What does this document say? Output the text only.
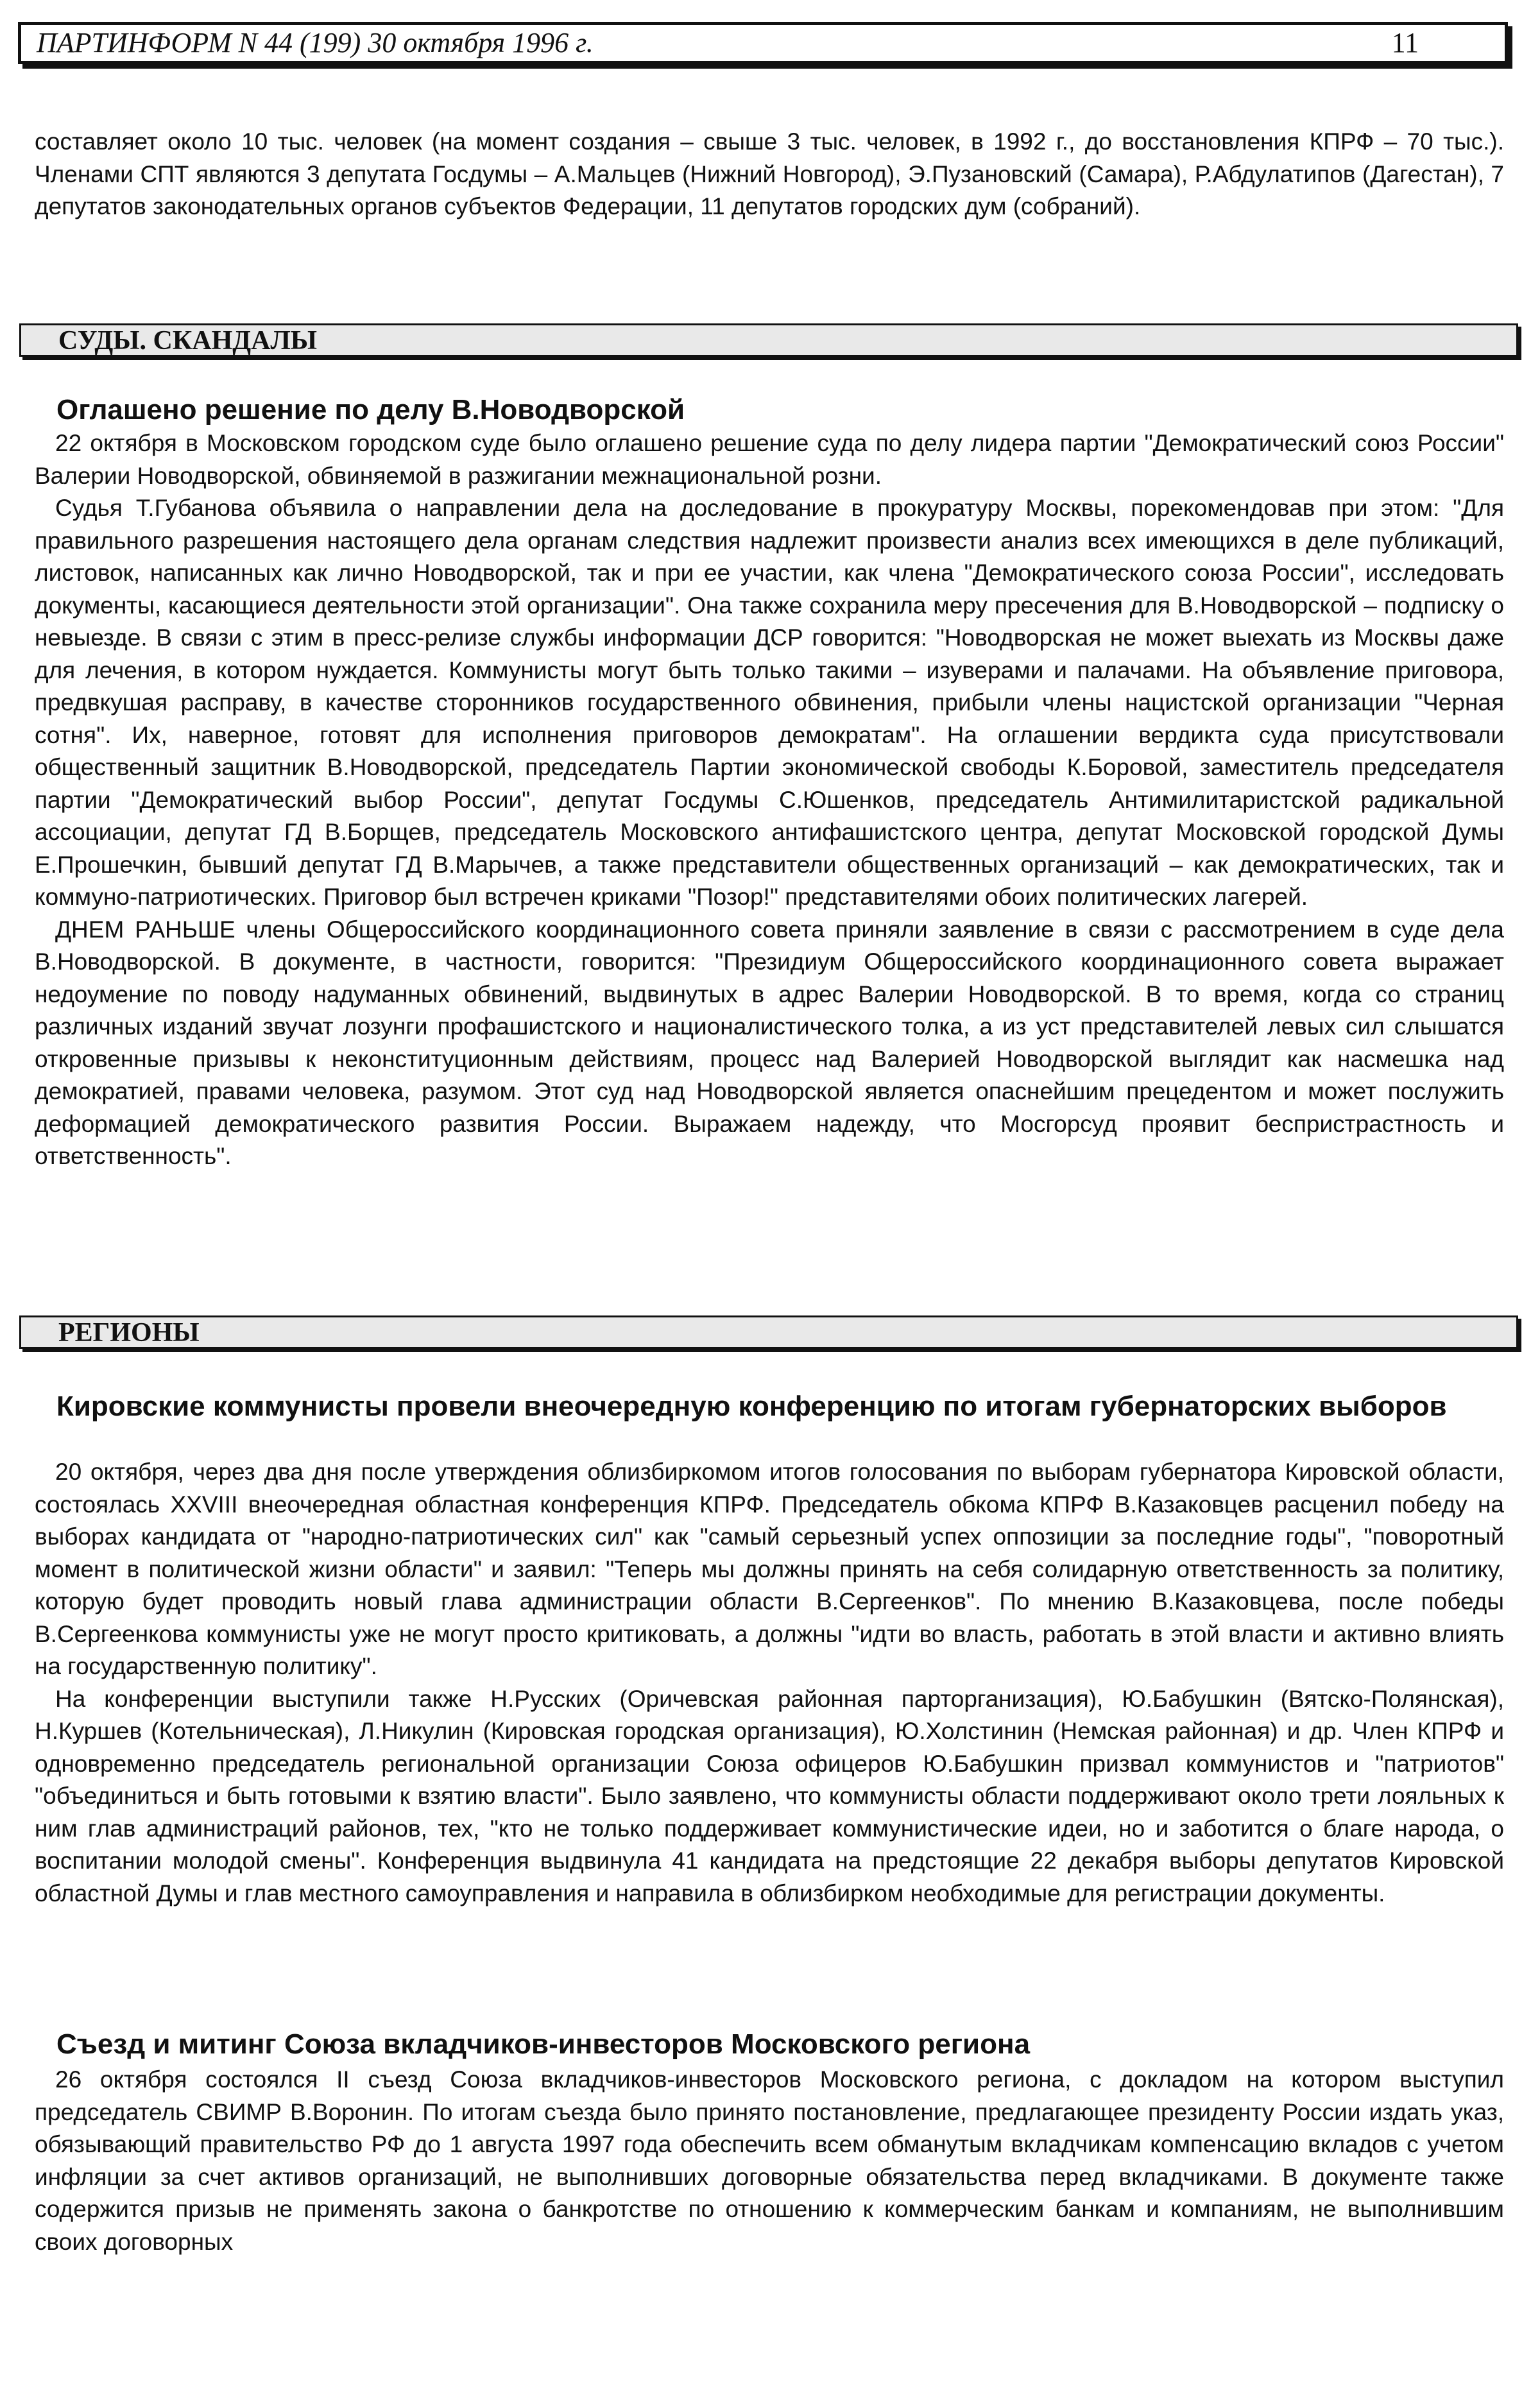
ПАРТИНФОРМ N 44 (199) 30 октября 1996 г.	11

составляет около 10 тыс. человек (на момент создания – свыше 3 тыс. человек, в 1992 г., до восстановления КПРФ – 70 тыс.). Членами СПТ являются 3 депутата Госдумы – А.Мальцев (Нижний Новгород), Э.Пузановский (Самара), Р.Абдулатипов (Дагестан), 7 депутатов законодательных органов субъектов Федерации, 11 депутатов городских дум (собраний).

СУДЫ. СКАНДАЛЫ
Оглашено решение по делу В.Новодворской

22 октября в Московском городском суде было оглашено решение суда по делу лидера партии "Демократический союз России" Валерии Новодворской, обвиняемой в разжигании межнациональной розни.

Судья Т.Губанова объявила о направлении дела на доследование в прокуратуру Москвы, порекомендовав при этом: "Для правильного разрешения настоящего дела органам следствия надлежит произвести анализ всех имеющихся в деле публикаций, листовок, написанных как лично Новодворской, так и при ее участии, как члена "Демократического союза России", исследовать документы, касающиеся деятельности этой организации". Она также сохранила меру пресечения для В.Новодворской – подписку о невыезде. В связи с этим в пресс-релизе службы информации ДСР говорится: "Новодворская не может выехать из Москвы даже для лечения, в котором нуждается. Коммунисты могут быть только такими – изуверами и палачами. На объявление приговора, предвкушая расправу, в качестве сторонников государственного обвинения, прибыли члены нацистской организации "Черная сотня". Их, наверное, готовят для исполнения приговоров демократам". На оглашении вердикта суда присутствовали общественный защитник В.Новодворской, председатель Партии экономической свободы К.Боровой, заместитель председателя партии "Демократический выбор России", депутат Госдумы С.Юшенков, председатель Антимилитаристской радикальной ассоциации, депутат ГД В.Борщев, председатель Московского антифашистского центра, депутат Московской городской Думы Е.Прошечкин, бывший депутат ГД В.Марычев, а также представители общественных организаций – как демократических, так и коммуно-патриотических. Приговор был встречен криками "Позор!" представителями обоих политических лагерей.

ДНЕМ РАНЬШЕ члены Общероссийского координационного совета приняли заявление в связи с рассмотрением в суде дела В.Новодворской. В документе, в частности, говорится: "Президиум Общероссийского координационного совета выражает недоумение по поводу надуманных обвинений, выдвинутых в адрес Валерии Новодворской. В то время, когда со страниц различных изданий звучат лозунги профашистского и националистического толка, а из уст представителей левых сил слышатся откровенные призывы к неконституционным действиям, процесс над Валерией Новодворской выглядит как насмешка над демократией, правами человека, разумом. Этот суд над Новодворской является опаснейшим прецедентом и может послужить деформацией демократического развития России. Выражаем надежду, что Мосгорсуд проявит беспристрастность и ответственность".

РЕГИОНЫ
Кировские коммунисты провели внеочередную конференцию по итогам губернаторских выборов

20 октября, через два дня после утверждения облизбиркомом итогов голосования по выборам губернатора Кировской области, состоялась XXVIII внеочередная областная конференция КПРФ. Председатель обкома КПРФ В.Казаковцев расценил победу на выборах кандидата от "народно-патриотических сил" как "самый серьезный успех оппозиции за последние годы", "поворотный момент в политической жизни области" и заявил: "Теперь мы должны принять на себя солидарную ответственность за политику, которую будет проводить новый глава администрации области В.Сергеенков". По мнению В.Казаковцева, после победы В.Сергеенкова коммунисты уже не могут просто критиковать, а должны "идти во власть, работать в этой власти и активно влиять на государственную политику".

На конференции выступили также Н.Русских (Оричевская районная парторганизация), Ю.Бабушкин (Вятско-Полянская), Н.Куршев (Котельническая), Л.Никулин (Кировская городская организация), Ю.Холстинин (Немская районная) и др. Член КПРФ и одновременно председатель региональной организации Союза офицеров Ю.Бабушкин призвал коммунистов и "патриотов" "объединиться и быть готовыми к взятию власти". Было заявлено, что коммунисты области поддерживают около трети лояльных к ним глав администраций районов, тех, "кто не только поддерживает коммунистические идеи, но и заботится о благе народа, о воспитании молодой смены". Конференция выдвинула 41 кандидата на предстоящие 22 декабря выборы депутатов Кировской областной Думы и глав местного самоуправления и направила в облизбирком необходимые для регистрации документы.

Съезд и митинг Союза вкладчиков-инвесторов Московского региона

26 октября состоялся II съезд Союза вкладчиков-инвесторов Московского региона, с докладом на котором выступил председатель СВИМР В.Воронин. По итогам съезда было принято постановление, предлагающее президенту России издать указ, обязывающий правительство РФ до 1 августа 1997 года обеспечить всем обманутым вкладчикам компенсацию вкладов с учетом инфляции за счет активов организаций, не выполнивших договорные обязательства перед вкладчиками. В документе также содержится призыв не применять закона о банкротстве по отношению к коммерческим банкам и компаниям, не выполнившим своих договорных
